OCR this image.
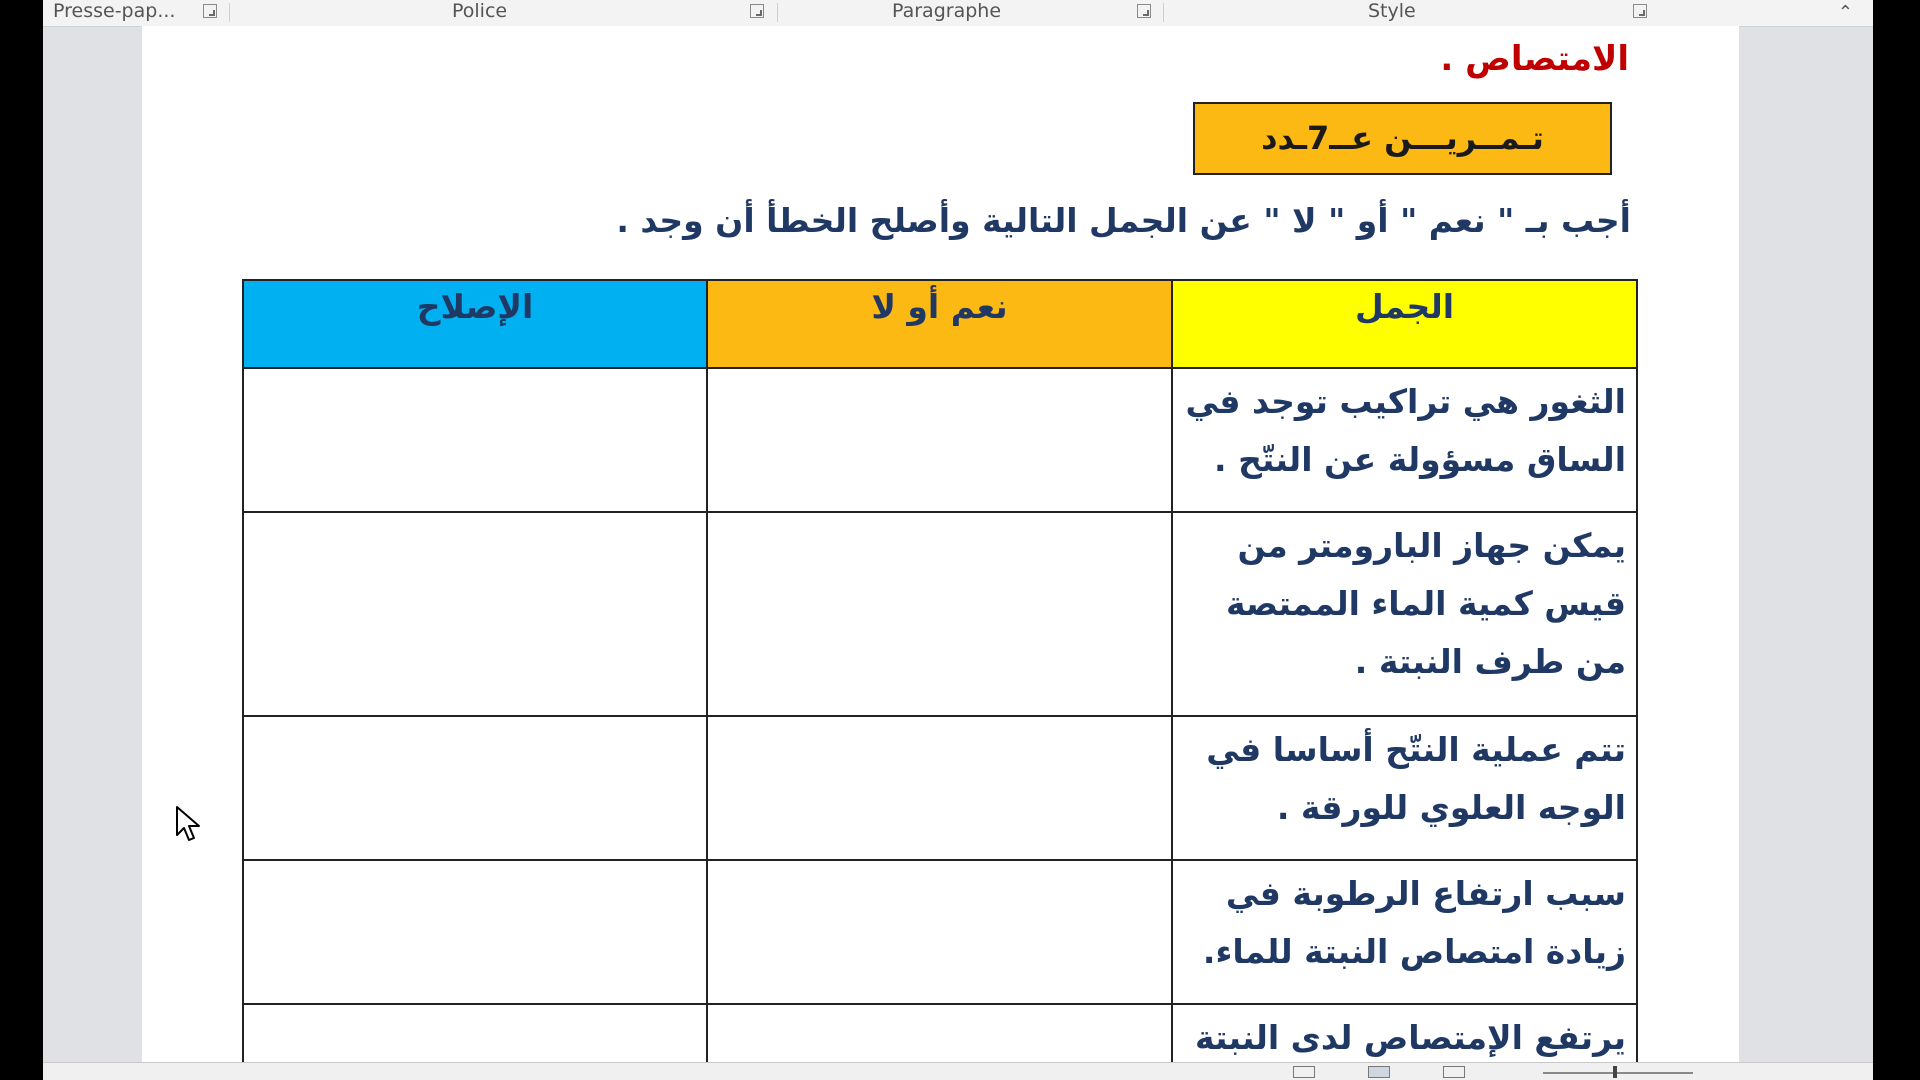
Presse-pap...	Police	Paragraphe	Style	⌃
الامتصاص .
تـمــريـــن عــ7ـدد

أجب بـ " نعم " أو " لا " عن الجمل التالية وأصلح الخطأ أن وجد .

الجمل	نعم أو لا	الإصلاح
الثغور هي تراكيب توجد في الساق مسؤولة عن النتّح .		
يمكن جهاز البارومتر من قيس كمية الماء الممتصة من طرف النبتة .		
تتم عملية النتّح أساسا في الوجه العلوي للورقة .		
سبب ارتفاع الرطوبة في زيادة امتصاص النبتة للماء.		
يرتفع الإمتصاص لدى النبتة		
